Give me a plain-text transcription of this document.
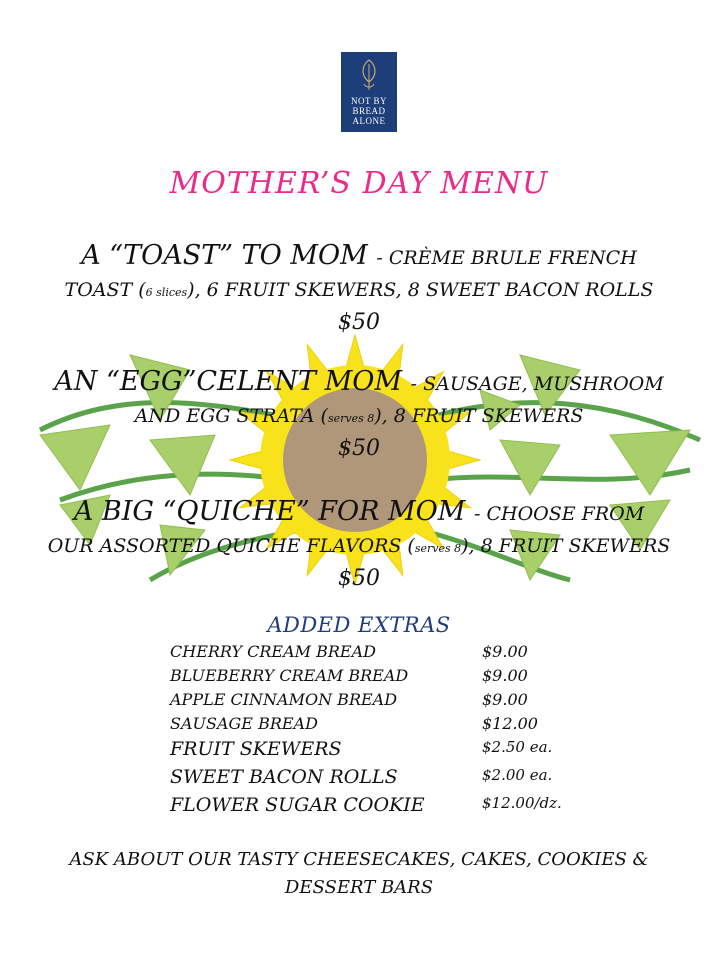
NOT BY
BREAD
ALONE
MOTHER’S DAY MENU
A “TOAST” TO MOM - CRÈME BRULE FRENCH
TOAST (6 slices), 6 FRUIT SKEWERS, 8 SWEET BACON ROLLS
$50
AN “EGG”CELENT MOM - SAUSAGE, MUSHROOM
AND EGG STRATA (serves 8), 8 FRUIT SKEWERS
$50
A BIG “QUICHE” FOR MOM - CHOOSE FROM
OUR ASSORTED QUICHE FLAVORS (serves 8), 8 FRUIT SKEWERS
$50
ADDED EXTRAS
CHERRY CREAM BREAD	$9.00
BLUEBERRY CREAM BREAD	$9.00
APPLE CINNAMON BREAD	$9.00
SAUSAGE BREAD	$12.00
FRUIT SKEWERS	$2.50 ea.
SWEET BACON ROLLS	$2.00 ea.
FLOWER SUGAR COOKIE	$12.00/dz.
ASK ABOUT OUR TASTY CHEESECAKES, CAKES, COOKIES &
DESSERT BARS
